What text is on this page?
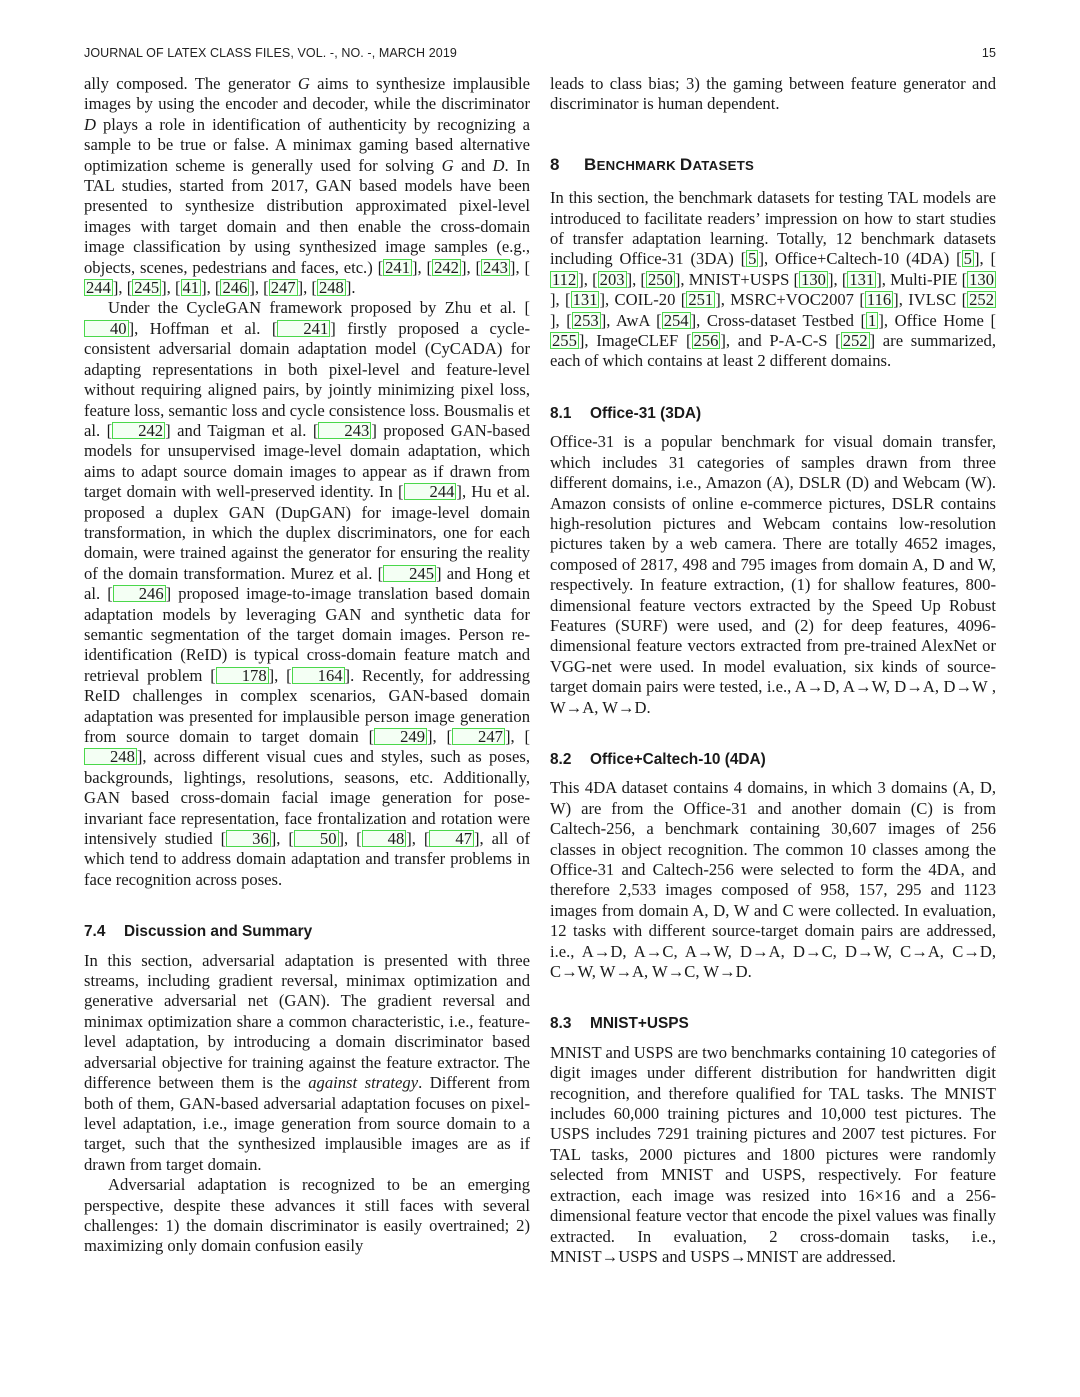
JOURNAL OF LATEX CLASS FILES, VOL. -, NO. -, MARCH 2019	15

ally composed. The generator G aims to synthesize implausible images by using the encoder and decoder, while the discriminator D plays a role in identification of authenticity by recognizing a sample to be true or false. A minimax gaming based alternative optimization scheme is generally used for solving G and D. In TAL studies, started from 2017, GAN based models have been presented to synthesize distribution approximated pixel-level images with target domain and then enable the cross-domain image classification by using synthesized image samples (e.g., objects, scenes, pedestrians and faces, etc.) [ 241 ], [ 242 ], [ 243 ], [244 ], [ 245 ], [ 41 ], [ 246 ], [ 247 ], [ 248 ].

Under the CycleGAN framework proposed by Zhu et al. [40 ], Hoffman et al. [ 241 ] firstly proposed a cycle-consistent adversarial domain adaptation model (CyCADA) for adapting representations in both pixel-level and feature-level without requiring aligned pairs, by jointly minimizing pixel loss, feature loss, semantic loss and cycle consistence loss. Bousmalis et al. [ 242 ] and Taigman et al. [ 243 ] proposed GAN-based models for unsupervised image-level domain adaptation, which aims to adapt source domain images to appear as if drawn from target domain with well-preserved identity. In [ 244 ], Hu et al. proposed a duplex GAN (DupGAN) for image-level domain transformation, in which the duplex discriminators, one for each domain, were trained against the generator for ensuring the reality of the domain transformation. Murez et al. [ 245 ] and Hong et al. [ 246 ] proposed image-to-image translation based domain adaptation models by leveraging GAN and synthetic data for semantic segmentation of the target domain images. Person re-identification (ReID) is typical cross-domain feature match and retrieval problem [ 178 ], [ 164 ]. Recently, for addressing ReID challenges in complex scenarios, GAN-based domain adaptation was presented for implausible person image generation from source domain to target domain [ 249 ], [ 247 ], [248 ], across different visual cues and styles, such as poses, backgrounds, lightings, resolutions, seasons, etc. Additionally, GAN based cross-domain facial image generation for pose-invariant face representation, face frontalization and rotation were intensively studied [ 36 ], [ 50 ], [ 48 ], [ 47 ], all of which tend to address domain adaptation and transfer problems in face recognition across poses.

7.4 Discussion and Summary

In this section, adversarial adaptation is presented with three streams, including gradient reversal, minimax optimization and generative adversarial net (GAN). The gradient reversal and minimax optimization share a common characteristic, i.e., feature-level adaptation, by introducing a domain discriminator based adversarial objective for training against the feature extractor. The difference between them is the against strategy. Different from both of them, GAN-based adversarial adaptation focuses on pixel-level adaptation, i.e., image generation from source domain to a target, such that the synthesized implausible images are as if drawn from target domain.

Adversarial adaptation is recognized to be an emerging perspective, despite these advances it still faces with several challenges: 1) the domain discriminator is easily overtrained; 2) maximizing only domain confusion easily

leads to class bias; 3) the gaming between feature generator and discriminator is human dependent.

8 BENCHMARK DATASETS

In this section, the benchmark datasets for testing TAL models are introduced to facilitate readers’ impression on how to start studies of transfer adaptation learning. Totally, 12 benchmark datasets including Office-31 (3DA) [ 5 ], Office+Caltech-10 (4DA) [ 5 ], [112 ], [ 203 ], [ 250 ], MNIST+USPS [ 130 ], [ 131 ], Multi-PIE [ 130], [ 131 ], COIL-20 [ 251 ], MSRC+VOC2007 [ 116 ], IVLSC [ 252], [ 253 ], AwA [ 254 ], Cross-dataset Testbed [ 1 ], Office Home [255 ], ImageCLEF [ 256 ], and P-A-C-S [ 252 ] are summarized, each of which contains at least 2 different domains.

8.1 Office-31 (3DA)

Office-31 is a popular benchmark for visual domain transfer, which includes 31 categories of samples drawn from three different domains, i.e., Amazon (A), DSLR (D) and Webcam (W). Amazon consists of online e-commerce pictures, DSLR contains high-resolution pictures and Webcam contains low-resolution pictures taken by a web camera. There are totally 4652 images, composed of 2817, 498 and 795 images from domain A, D and W, respectively. In feature extraction, (1) for shallow features, 800-dimensional feature vectors extracted by the Speed Up Robust Features (SURF) were used, and (2) for deep features, 4096-dimensional feature vectors extracted from pre-trained AlexNet or VGG-net were used. In model evaluation, six kinds of source-target domain pairs were tested, i.e., A→D, A→W, D→A, D→W , W→A, W→D.

8.2 Office+Caltech-10 (4DA)

This 4DA dataset contains 4 domains, in which 3 domains (A, D, W) are from the Office-31 and another domain (C) is from Caltech-256, a benchmark containing 30,607 images of 256 classes in object recognition. The common 10 classes among the Office-31 and Caltech-256 were selected to form the 4DA, and therefore 2,533 images composed of 958, 157, 295 and 1123 images from domain A, D, W and C were collected. In evaluation, 12 tasks with different source-target domain pairs are addressed, i.e., A→D, A→C, A→W, D→A, D→C, D→W, C→A, C→D, C→W, W→A, W→C, W→D.

8.3 MNIST+USPS

MNIST and USPS are two benchmarks containing 10 categories of digit images under different distribution for handwritten digit recognition, and therefore qualified for TAL tasks. The MNIST includes 60,000 training pictures and 10,000 test pictures. The USPS includes 7291 training pictures and 2007 test pictures. For TAL tasks, 2000 pictures and 1800 pictures were randomly selected from MNIST and USPS, respectively. For feature extraction, each image was resized into 16×16 and a 256-dimensional feature vector that encode the pixel values was finally extracted. In evaluation, 2 cross-domain tasks, i.e., MNIST→USPS and USPS→MNIST are addressed.
